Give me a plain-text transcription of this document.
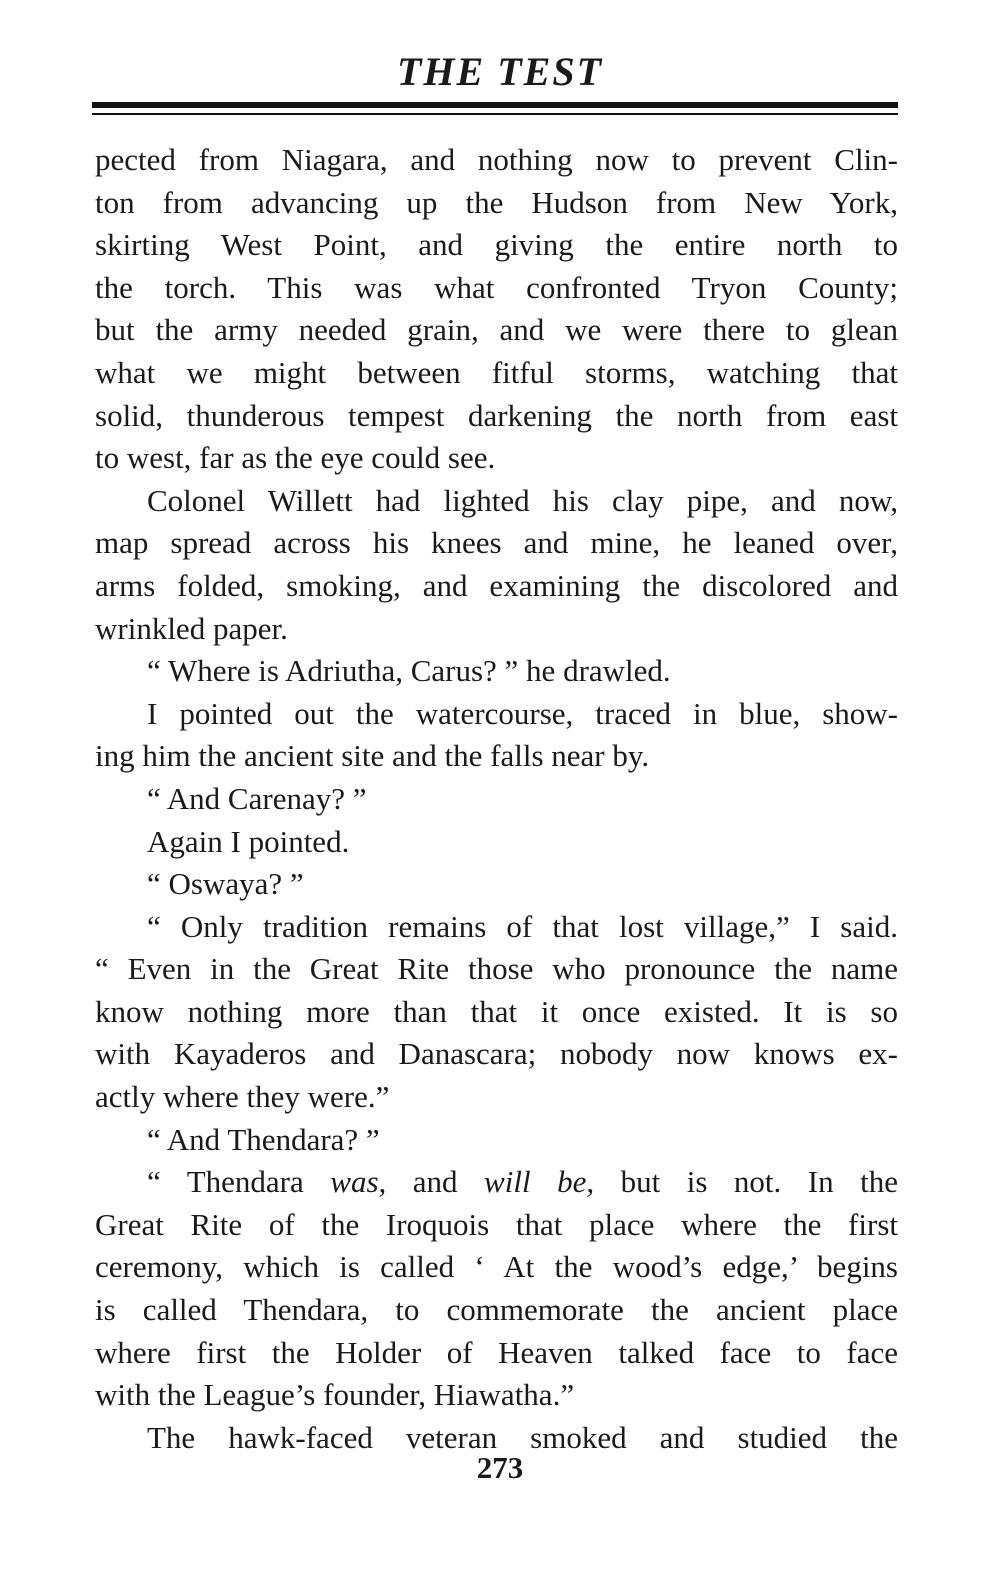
THE TEST
pected from Niagara, and nothing now to prevent Clin-
ton from advancing up the Hudson from New York,
skirting West Point, and giving the entire north to
the torch. This was what confronted Tryon County;
but the army needed grain, and we were there to glean
what we might between fitful storms, watching that
solid, thunderous tempest darkening the north from east
to west, far as the eye could see.
Colonel Willett had lighted his clay pipe, and now,
map spread across his knees and mine, he leaned over,
arms folded, smoking, and examining the discolored and
wrinkled paper.
“ Where is Adriutha, Carus? ” he drawled.
I pointed out the watercourse, traced in blue, show-
ing him the ancient site and the falls near by.
“ And Carenay? ”
Again I pointed.
“ Oswaya? ”
“ Only tradition remains of that lost village,” I said.
“ Even in the Great Rite those who pronounce the name
know nothing more than that it once existed. It is so
with Kayaderos and Danascara; nobody now knows ex-
actly where they were.”
“ And Thendara? ”
“ Thendara was, and will be, but is not. In the
Great Rite of the Iroquois that place where the first
ceremony, which is called ‘ At the wood’s edge,’ begins
is called Thendara, to commemorate the ancient place
where first the Holder of Heaven talked face to face
with the League’s founder, Hiawatha.”
The hawk-faced veteran smoked and studied the
273
